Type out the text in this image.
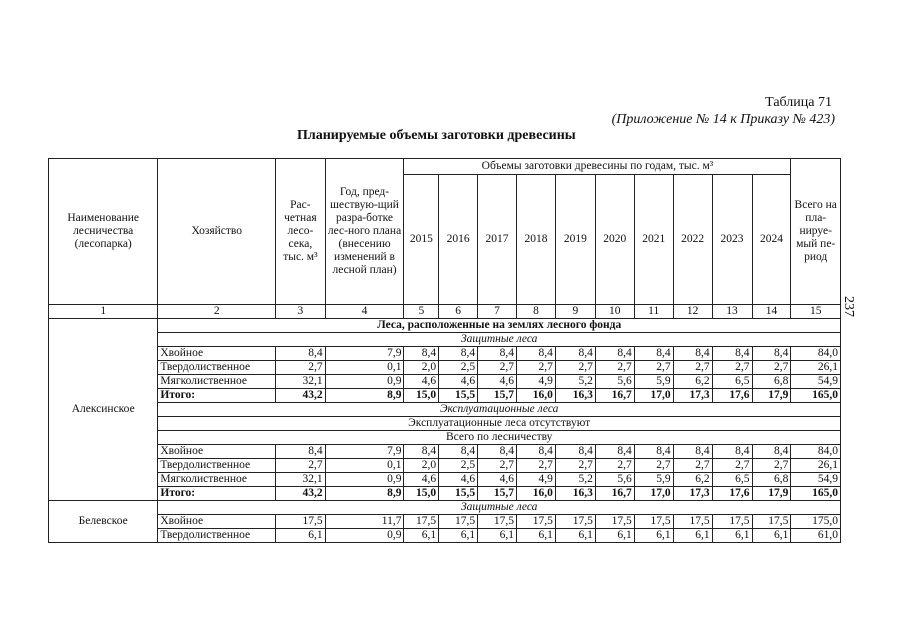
Таблица 71
(Приложение № 14 к Приказу № 423)
Планируемые объемы заготовки древесины
237
Наименование лесничества (лесопарка)	Хозяйство	Рас-четная лесо-сека, тыс. м³	Год, пред-шествую-щий разра-ботке лес-ного плана (внесению изменений в лесной план)	Объемы заготовки древесины по годам, тыс. м³										Всего на пла-нируе-мый пе-риод
				2015	2016	2017	2018	2019	2020	2021	2022	2023	2024	
1	2	3	4	5	6	7	8	9	10	11	12	13	14	15
Алексинское	Леса, расположенные на землях лесного фонда													
	Защитные леса													
	Хвойное	8,4	7,9	8,4	8,4	8,4	8,4	8,4	8,4	8,4	8,4	8,4	8,4	84,0
	Твердолиственное	2,7	0,1	2,0	2,5	2,7	2,7	2,7	2,7	2,7	2,7	2,7	2,7	26,1
	Мягколиственное	32,1	0,9	4,6	4,6	4,6	4,9	5,2	5,6	5,9	6,2	6,5	6,8	54,9
	Итого:	43,2	8,9	15,0	15,5	15,7	16,0	16,3	16,7	17,0	17,3	17,6	17,9	165,0
	Эксплуатационные леса													
	Эксплуатационные леса отсутствуют													
	Всего по лесничеству													
	Хвойное	8,4	7,9	8,4	8,4	8,4	8,4	8,4	8,4	8,4	8,4	8,4	8,4	84,0
	Твердолиственное	2,7	0,1	2,0	2,5	2,7	2,7	2,7	2,7	2,7	2,7	2,7	2,7	26,1
	Мягколиственное	32,1	0,9	4,6	4,6	4,6	4,9	5,2	5,6	5,9	6,2	6,5	6,8	54,9
	Итого:	43,2	8,9	15,0	15,5	15,7	16,0	16,3	16,7	17,0	17,3	17,6	17,9	165,0
Белевское	Защитные леса													
	Хвойное	17,5	11,7	17,5	17,5	17,5	17,5	17,5	17,5	17,5	17,5	17,5	17,5	175,0
	Твердолиственное	6,1	0,9	6,1	6,1	6,1	6,1	6,1	6,1	6,1	6,1	6,1	6,1	61,0
